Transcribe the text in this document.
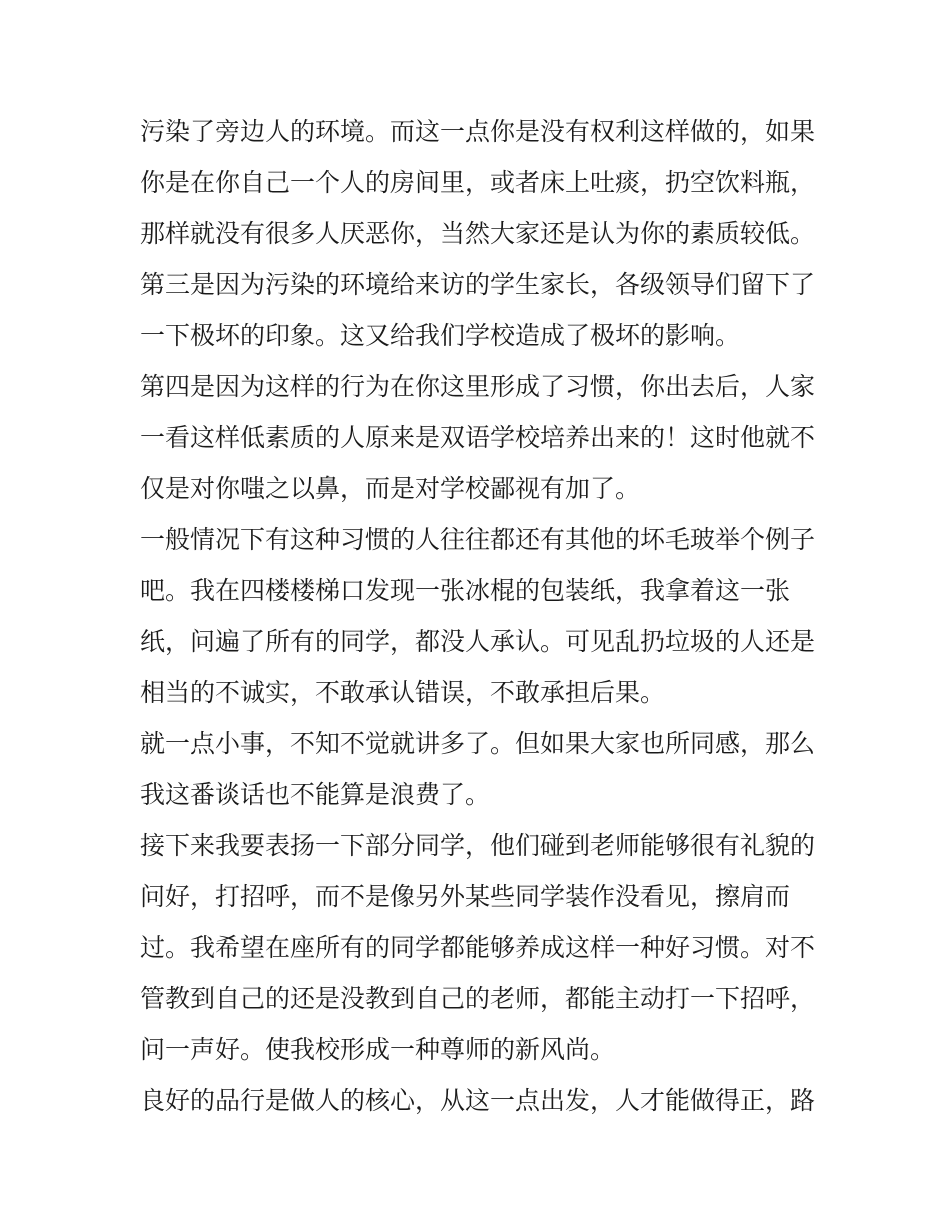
污染了旁边人的环境。而这一点你是没有权利这样做的，如果
你是在你自己一个人的房间里，或者床上吐痰，扔空饮料瓶，
那样就没有很多人厌恶你，当然大家还是认为你的素质较低。
第三是因为污染的环境给来访的学生家长，各级领导们留下了
一下极坏的印象。这又给我们学校造成了极坏的影响。
第四是因为这样的行为在你这里形成了习惯，你出去后，人家
一看这样低素质的人原来是双语学校培养出来的！这时他就不
仅是对你嗤之以鼻，而是对学校鄙视有加了。
一般情况下有这种习惯的人往往都还有其他的坏毛玻举个例子
吧。我在四楼楼梯口发现一张冰棍的包装纸，我拿着这一张
纸，问遍了所有的同学，都没人承认。可见乱扔垃圾的人还是
相当的不诚实，不敢承认错误，不敢承担后果。
就一点小事，不知不觉就讲多了。但如果大家也所同感，那么
我这番谈话也不能算是浪费了。
接下来我要表扬一下部分同学，他们碰到老师能够很有礼貌的
问好，打招呼，而不是像另外某些同学装作没看见，擦肩而
过。我希望在座所有的同学都能够养成这样一种好习惯。对不
管教到自己的还是没教到自己的老师，都能主动打一下招呼，
问一声好。使我校形成一种尊师的新风尚。
良好的品行是做人的核心，从这一点出发，人才能做得正，路
